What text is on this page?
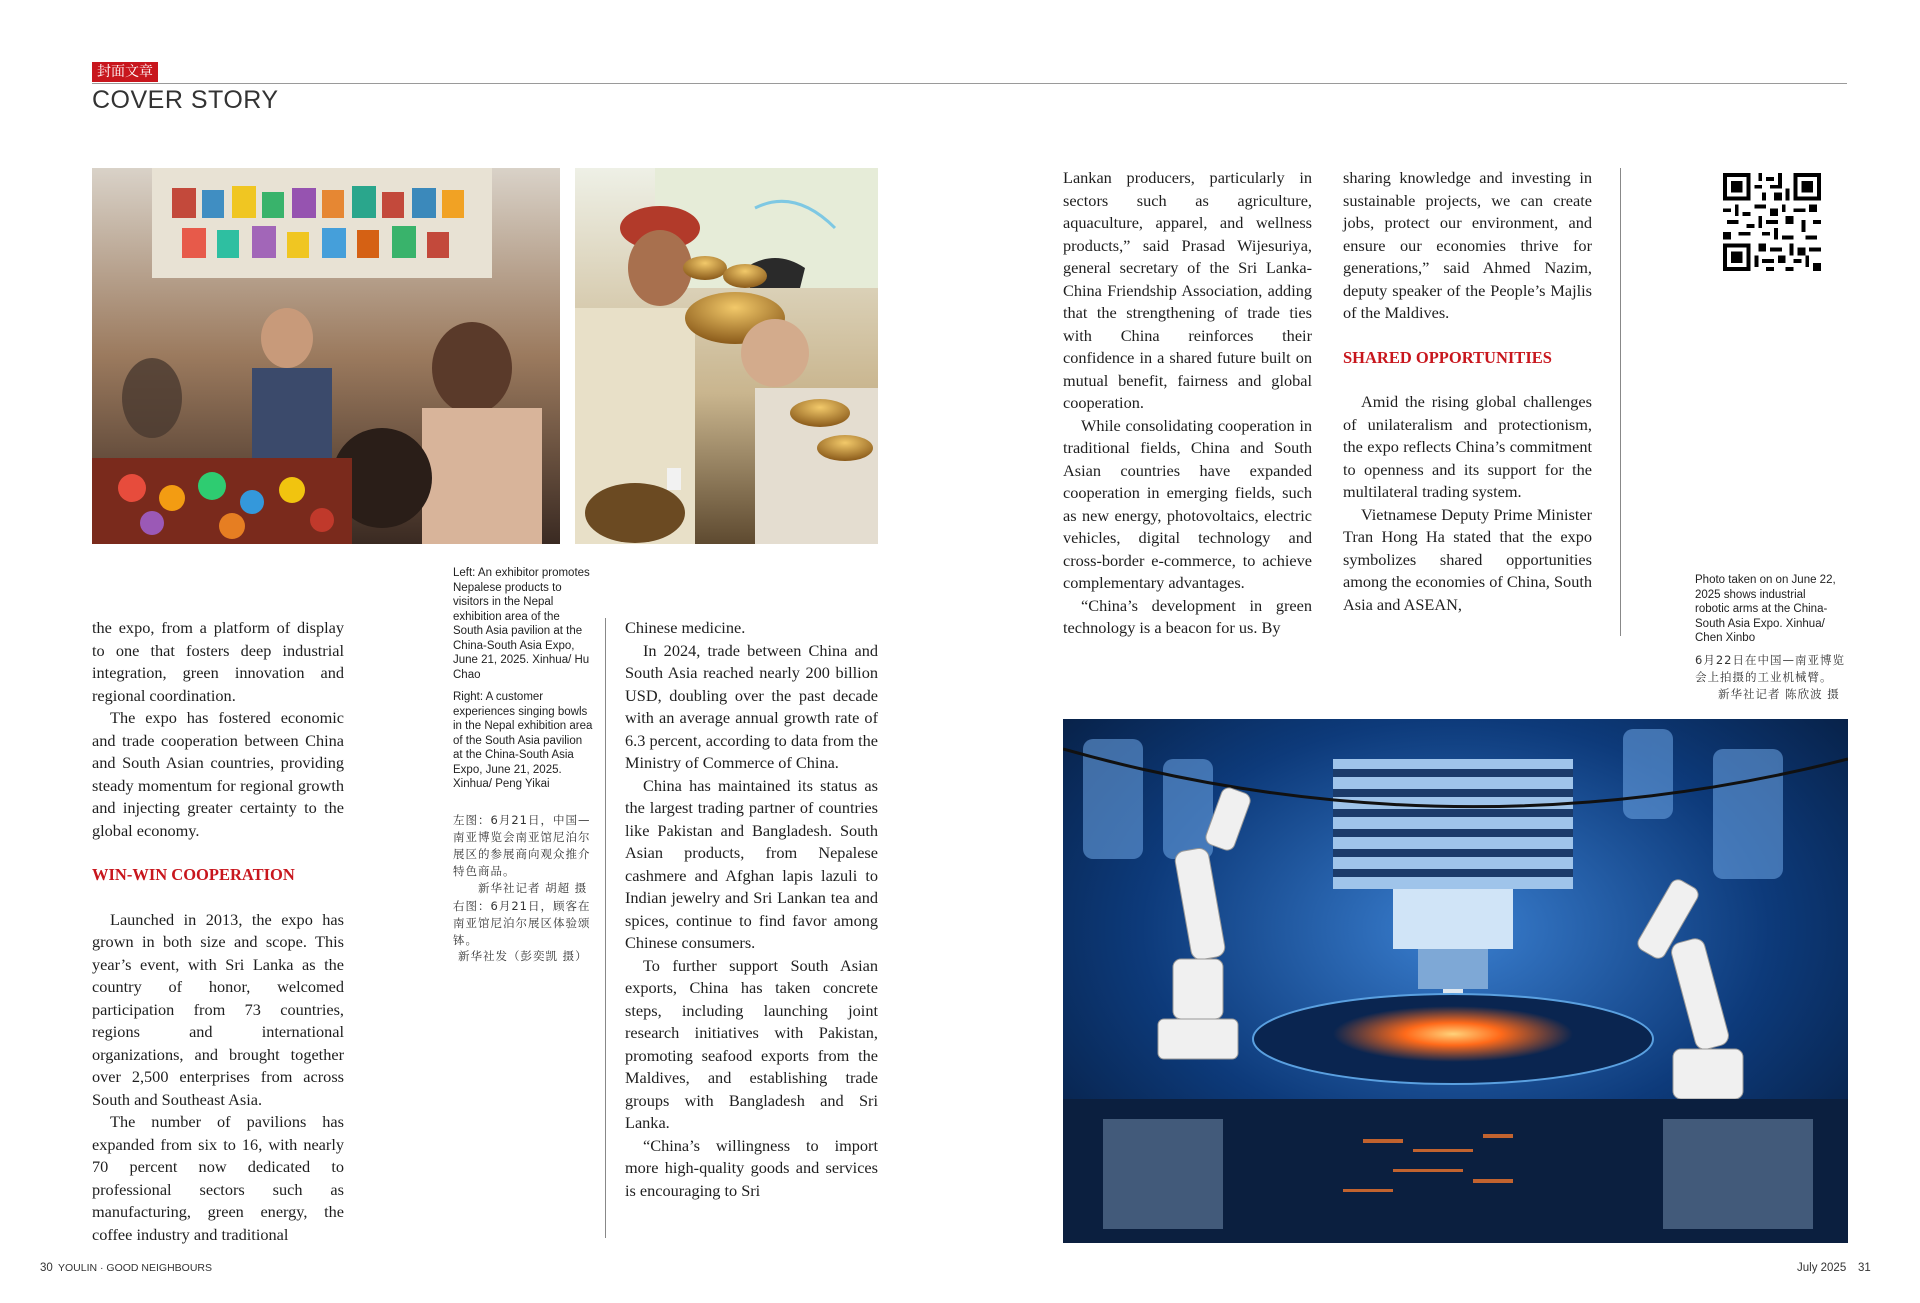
封面文章
COVER STORY
Left: An exhibitor promotes Nepalese products to visitors in the Nepal exhibition area of the South Asia pavilion at the China-South Asia Expo, June 21, 2025. Xinhua/ Hu Chao
Right: A customer experiences singing bowls in the Nepal exhibition area of the South Asia pavilion at the China-South Asia Expo, June 21, 2025. Xinhua/ Peng Yikai
左图：6月21日，中国—南亚博览会南亚馆尼泊尔展区的参展商向观众推介特色商品。
新华社记者 胡超 摄
右图：6月21日，顾客在南亚馆尼泊尔展区体验颂钵。
新华社发（彭奕凯 摄）

the expo, from a platform of display to one that fosters deep industrial integration, green innovation and regional coordination.

The expo has fostered economic and trade cooperation between China and South Asian countries, providing steady momentum for regional growth and injecting greater certainty to the global economy.

WIN-WIN COOPERATION

Launched in 2013, the expo has grown in both size and scope. This year’s event, with Sri Lanka as the country of honor, welcomed participation from 73 countries, regions and international organizations, and brought together over 2,500 enterprises from across South and Southeast Asia.

The number of pavilions has expanded from six to 16, with nearly 70 percent now dedicated to professional sectors such as manufacturing, green energy, the coffee industry and traditional

Chinese medicine.

In 2024, trade between China and South Asia reached nearly 200 billion USD, doubling over the past decade with an average annual growth rate of 6.3 percent, according to data from the Ministry of Commerce of China.

China has maintained its status as the largest trading partner of countries like Pakistan and Bangladesh. South Asian products, from Nepalese cashmere and Afghan lapis lazuli to Indian jewelry and Sri Lankan tea and spices, continue to find favor among Chinese consumers.

To further support South Asian exports, China has taken concrete steps, including launching joint research initiatives with Pakistan, promoting seafood exports from the Maldives, and establishing trade groups with Bangladesh and Sri Lanka.

“China’s willingness to import more high-quality goods and services is encouraging to Sri

Lankan producers, particularly in sectors such as agriculture, aquaculture, apparel, and wellness products,” said Prasad Wijesuriya, general secretary of the Sri Lanka-China Friendship Association, adding that the strengthening of trade ties with China reinforces their confidence in a shared future built on mutual benefit, fairness and global cooperation.

While consolidating cooperation in traditional fields, China and South Asian countries have expanded cooperation in emerging fields, such as new energy, photovoltaics, electric vehicles, digital technology and cross-border e-commerce, to achieve complementary advantages.

“China’s development in green technology is a beacon for us. By

sharing knowledge and investing in sustainable projects, we can create jobs, protect our environment, and ensure our economies thrive for generations,” said Ahmed Nazim, deputy speaker of the People’s Majlis of the Maldives.

SHARED OPPORTUNITIES

Amid the rising global challenges of unilateralism and protectionism, the expo reflects China’s commitment to openness and its support for the multilateral trading system.

Vietnamese Deputy Prime Minister Tran Hong Ha stated that the expo symbolizes shared opportunities among the economies of China, South Asia and ASEAN,

Photo taken on on June 22, 2025 shows industrial robotic arms at the China-South Asia Expo. Xinhua/ Chen Xinbo
6月22日在中国—南亚博览会上拍摄的工业机械臂。
新华社记者 陈欣波 摄
30 YOULIN · GOOD NEIGHBOURS	July 2025 31
